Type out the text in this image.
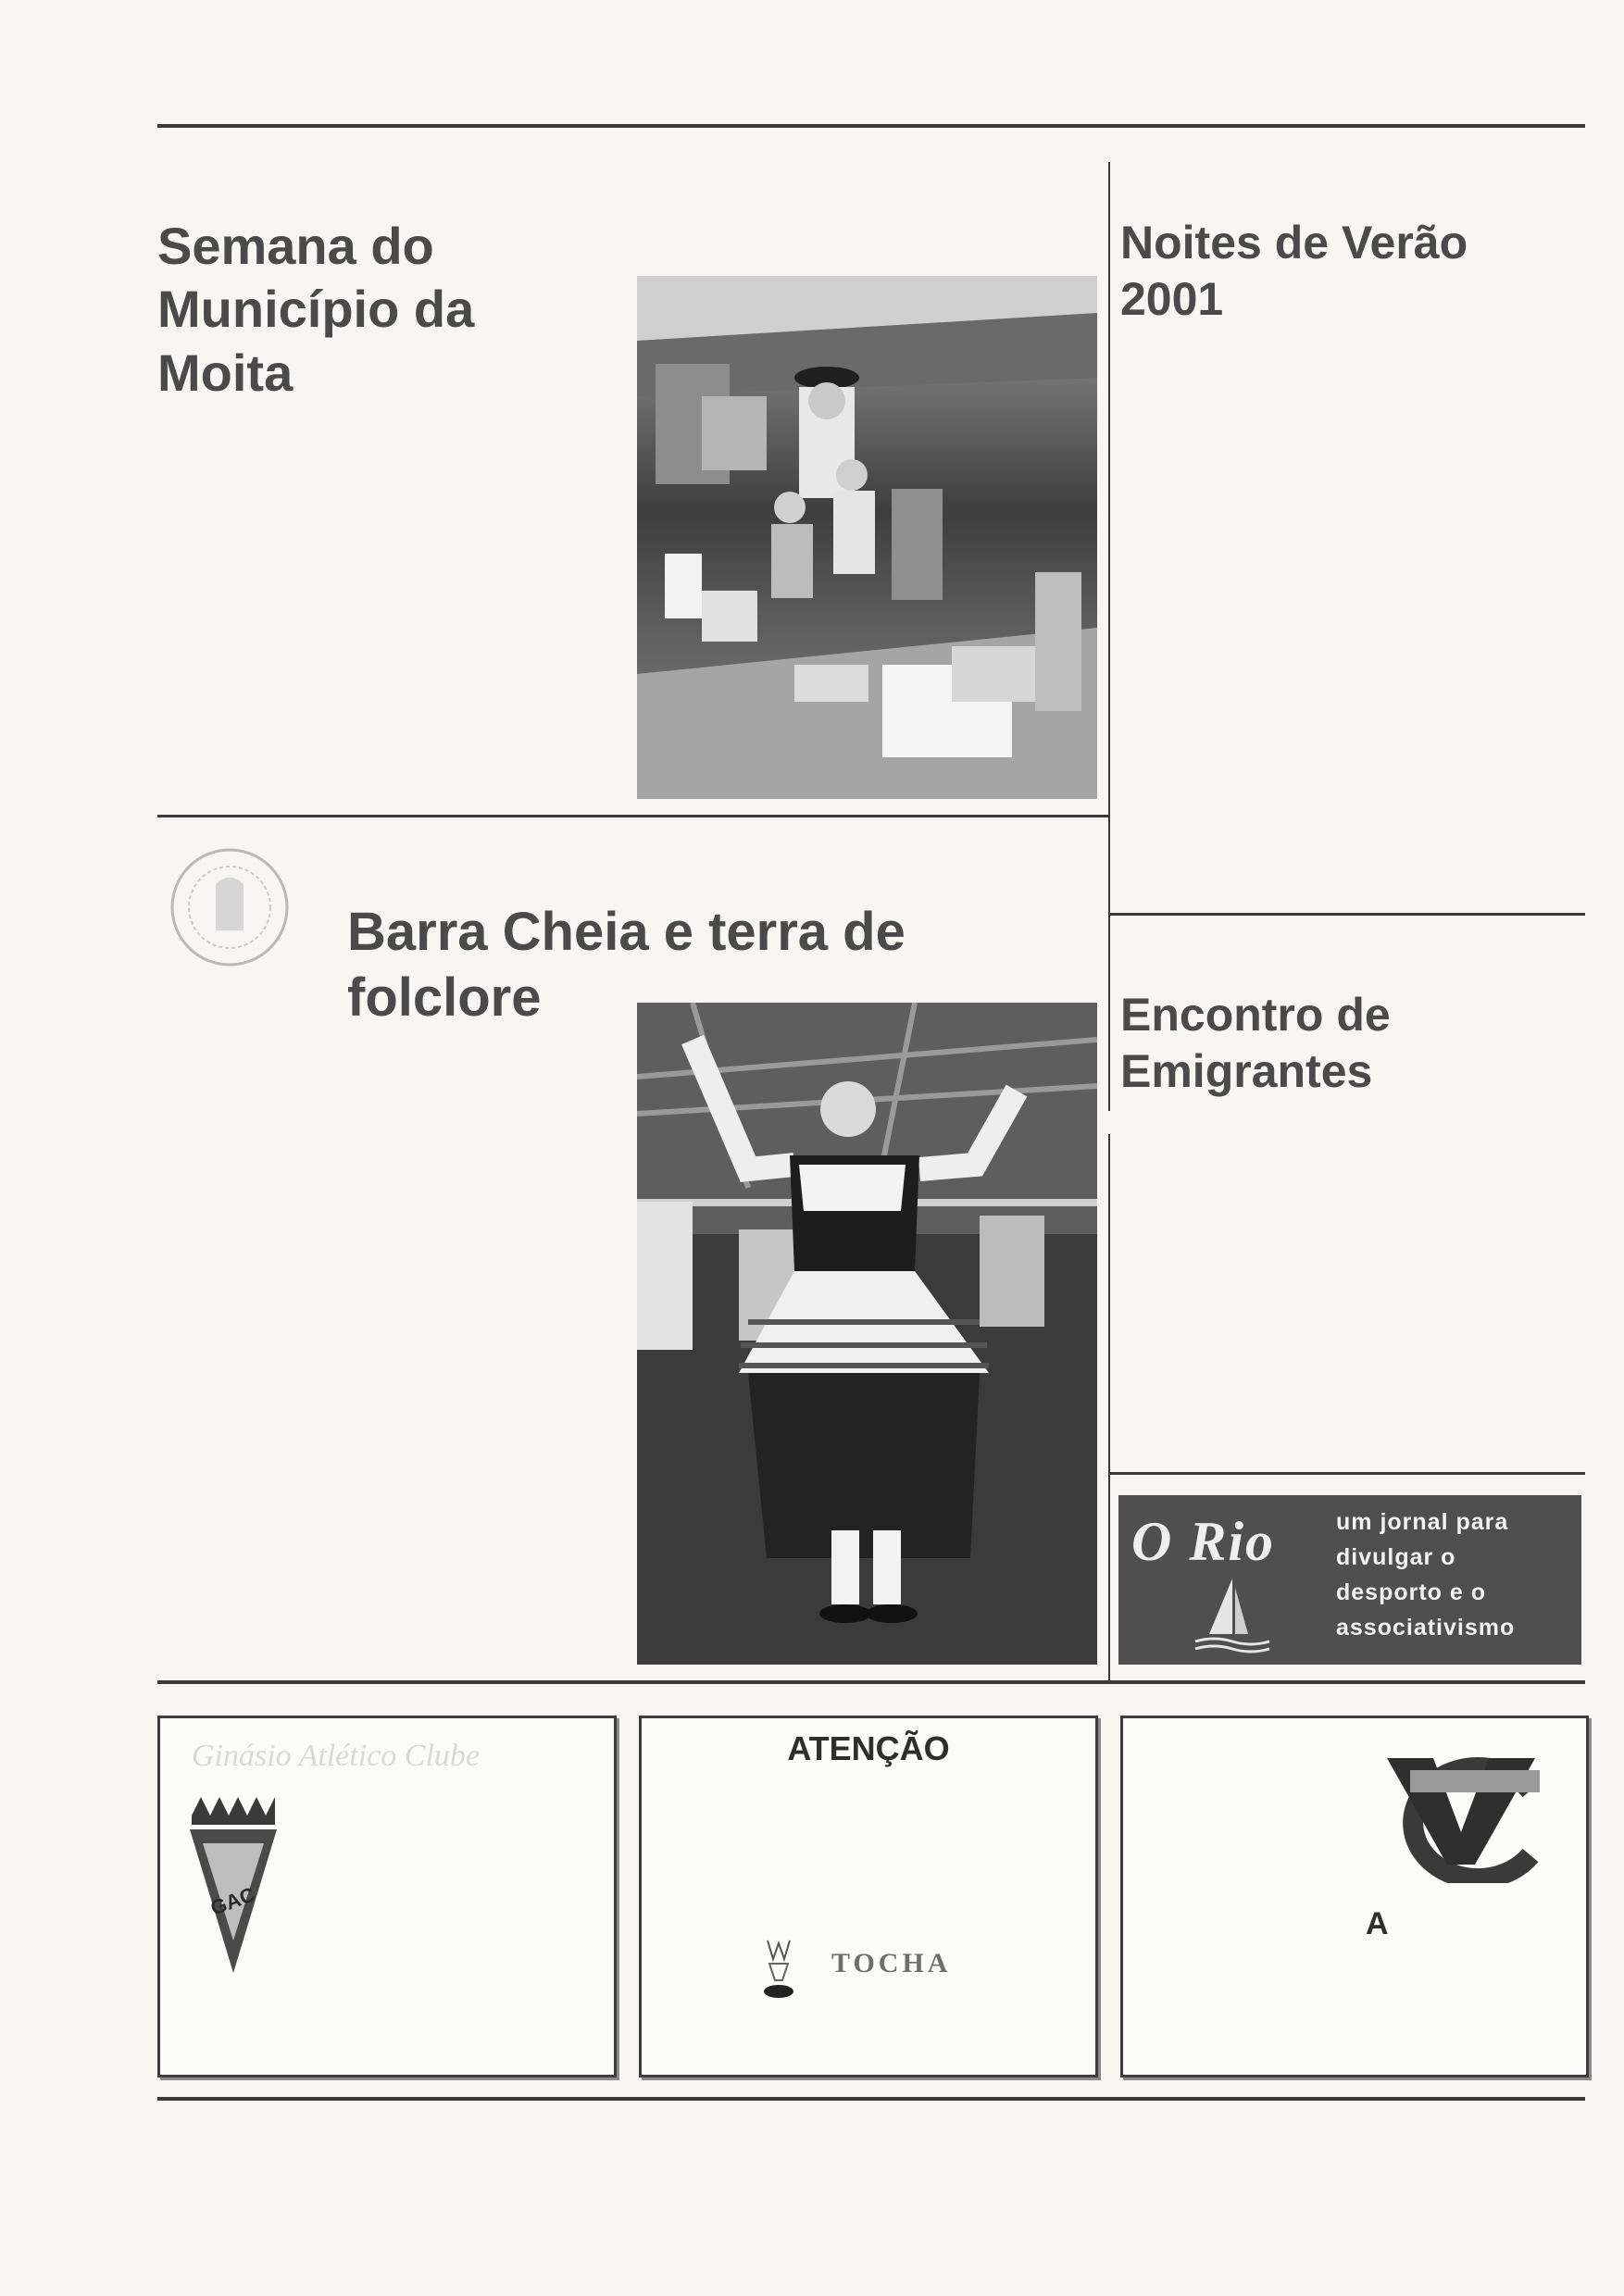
Semana do
Município da
Moita
Noites de Verão
2001
Barra Cheia e terra de
folclore	Encontro de
Emigrantes
O Rio	um jornal para
divulgar o
desporto e o
associativismo
Ginásio Atlético Clube
GAC
ATENÇÃO
TOCHA
A
